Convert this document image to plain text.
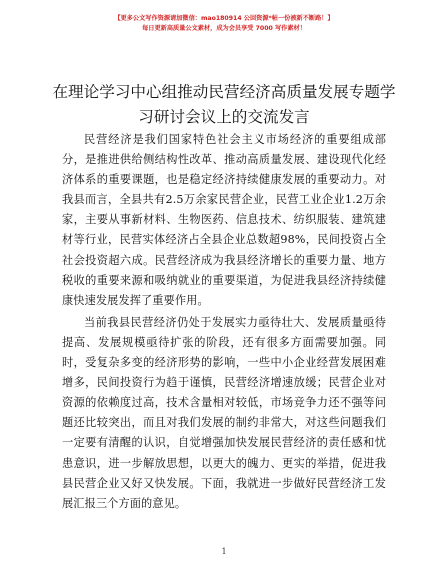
【更多公文写作资源请加微信：mao180914 公回资源*帖一份被新不断路！】
每日更新高质量公文素材，成为会员享受 7000 写作素材！
在理论学习中心组推动民营经济高质量发展专题学习研讨会议上的交流发言

民营经济是我们国家特色社会主义市场经济的重要组成部分，是推进供给侧结构性改革、推动高质量发展、建设现代化经济体系的重要课题，也是稳定经济持续健康发展的重要动力。对我县而言，全县共有2.5万余家民营企业，民营工业企业1.2万余家，主要从事新材料、生物医药、信息技术、纺织服装、建筑建材等行业，民营实体经济占全县企业总数超98%，民间投资占全社会投资超六成。民营经济成为我县经济增长的重要力量、地方税收的重要来源和吸纳就业的重要渠道，为促进我县经济持续健康快速发展发挥了重要作用。

当前我县民营经济仍处于发展实力亟待壮大、发展质量亟待提高、发展规模亟待扩张的阶段，还有很多方面需要加强。同时，受复杂多变的经济形势的影响，一些中小企业经营发展困难增多，民间投资行为趋于谨慎，民营经济增速放缓；民营企业对资源的依赖度过高，技术含量相对较低，市场竞争力还不强等问题还比较突出，而且对我们发展的制约非常大，对这些问题我们一定要有清醒的认识，自觉增强加快发展民营经济的责任感和忧患意识，进一步解放思想，以更大的魄力、更实的举措，促进我县民营企业又好又快发展。下面，我就进一步做好民营经济工发展汇报三个方面的意见。

1
